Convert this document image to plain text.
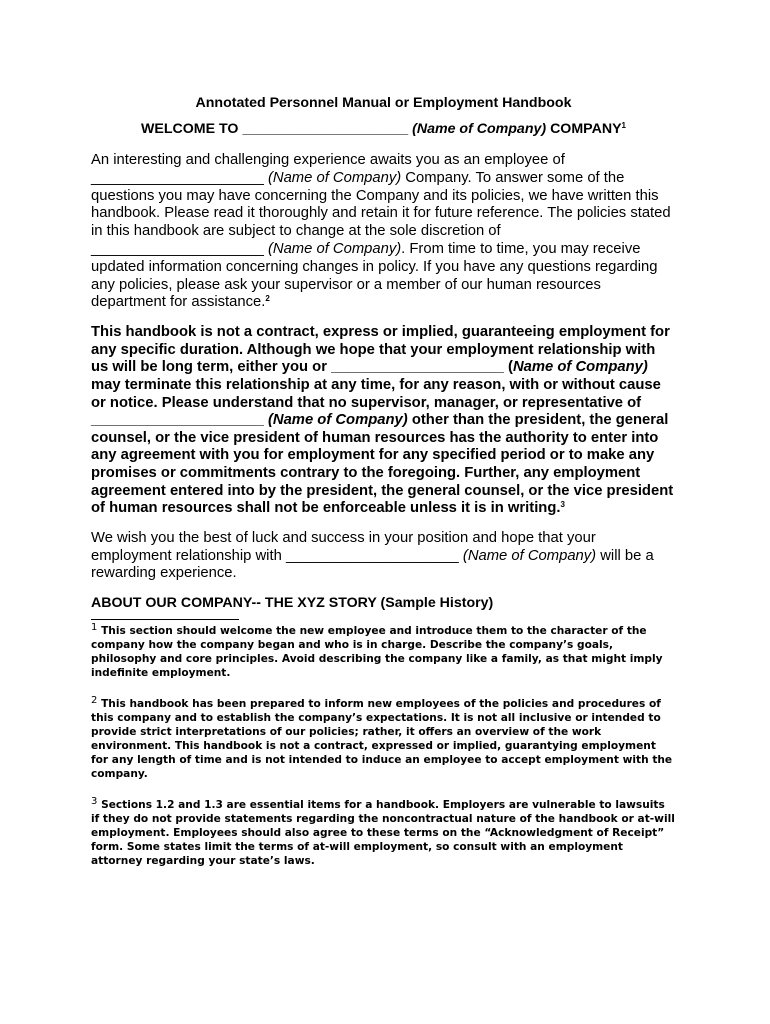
Annotated Personnel Manual or Employment Handbook
WELCOME TO _____________________ (Name of Company) COMPANY$^1$

An interesting and challenging experience awaits you as an employee of _____________________ (Name of Company) Company. To answer some of the questions you may have concerning the Company and its policies, we have written this handbook. Please read it thoroughly and retain it for future reference. The policies stated in this handbook are subject to change at the sole discretion of _____________________ (Name of Company). From time to time, you may receive updated information concerning changes in policy. If you have any questions regarding any policies, please ask your supervisor or a member of our human resources department for assistance.$^2$

This handbook is not a contract, express or implied, guaranteeing employment for any specific duration. Although we hope that your employment relationship with us will be long term, either you or _____________________ (Name of Company) may terminate this relationship at any time, for any reason, with or without cause or notice. Please understand that no supervisor, manager, or representative of _____________________ (Name of Company) other than the president, the general counsel, or the vice president of human resources has the authority to enter into any agreement with you for employment for any specified period or to make any promises or commitments contrary to the foregoing. Further, any employment agreement entered into by the president, the general counsel, or the vice president of human resources shall not be enforceable unless it is in writing.$^3$

We wish you the best of luck and success in your position and hope that your employment relationship with _____________________ (Name of Company) will be a rewarding experience.

ABOUT OUR COMPANY-- THE XYZ STORY (Sample History)
1 This section should welcome the new employee and introduce them to the character of the company how the company began and who is in charge. Describe the company’s goals, philosophy and core principles. Avoid describing the company like a family, as that might imply indefinite employment.
2 This handbook has been prepared to inform new employees of the policies and procedures of this company and to establish the company’s expectations. It is not all inclusive or intended to provide strict interpretations of our policies; rather, it offers an overview of the work environment. This handbook is not a contract, expressed or implied, guarantying employment for any length of time and is not intended to induce an employee to accept employment with the company.
3 Sections 1.2 and 1.3 are essential items for a handbook. Employers are vulnerable to lawsuits if they do not provide statements regarding the noncontractual nature of the handbook or at-will employment. Employees should also agree to these terms on the “Acknowledgment of Receipt” form. Some states limit the terms of at-will employment, so consult with an employment attorney regarding your state’s laws.
